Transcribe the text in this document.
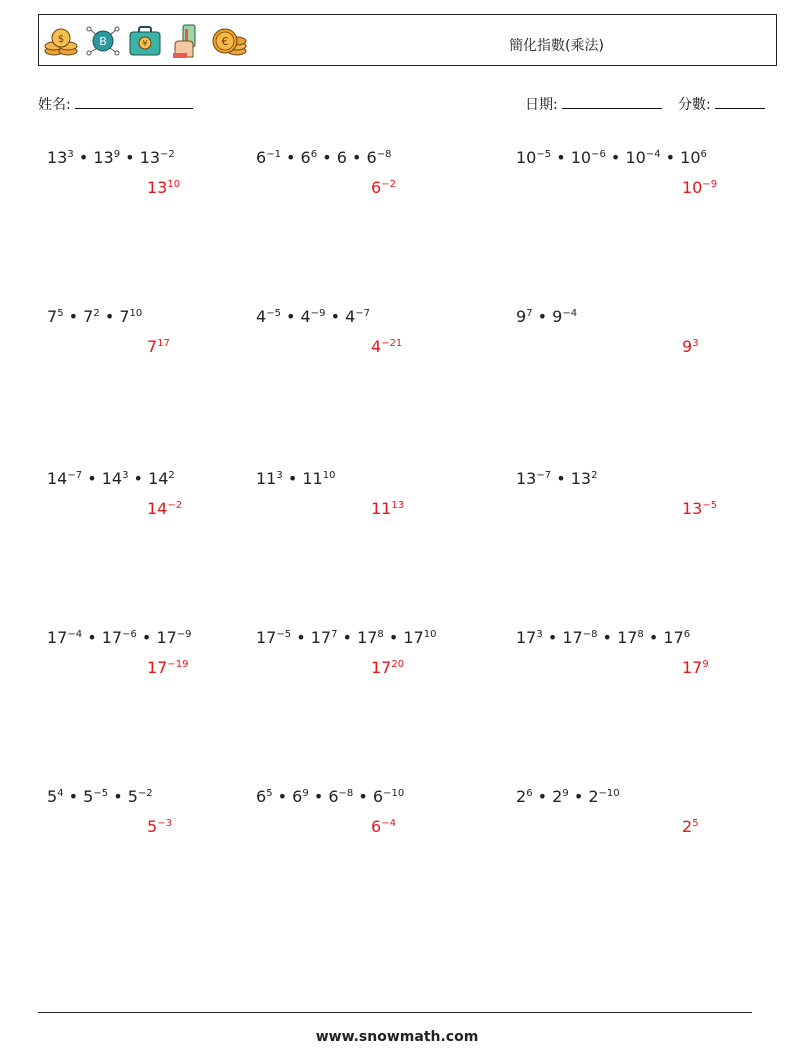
$	B	¥	€	簡化指數(乘法)
姓名:	日期:	分數:
$13^3$ • $13^9$ • $13^{-2}$
$13^{10}$
$6^{-1}$ • $6^6$ • 6 • $6^{-8}$
$6^{-2}$
$10^{-5}$ • $10^{-6}$ • $10^{-4}$ • $10^6$
$10^{-9}$
$7^5$ • $7^2$ • $7^{10}$
$7^{17}$
$4^{-5}$ • $4^{-9}$ • $4^{-7}$
$4^{-21}$
$9^7$ • $9^{-4}$
$9^3$
$14^{-7}$ • $14^3$ • $14^2$
$14^{-2}$
$11^3$ • $11^{10}$
$11^{13}$
$13^{-7}$ • $13^2$
$13^{-5}$
$17^{-4}$ • $17^{-6}$ • $17^{-9}$
$17^{-19}$
$17^{-5}$ • $17^7$ • $17^8$ • $17^{10}$
$17^{20}$
$17^3$ • $17^{-8}$ • $17^8$ • $17^6$
$17^9$
$5^4$ • $5^{-5}$ • $5^{-2}$
$5^{-3}$
$6^5$ • $6^9$ • $6^{-8}$ • $6^{-10}$
$6^{-4}$
$2^6$ • $2^9$ • $2^{-10}$
$2^5$
www.snowmath.com
